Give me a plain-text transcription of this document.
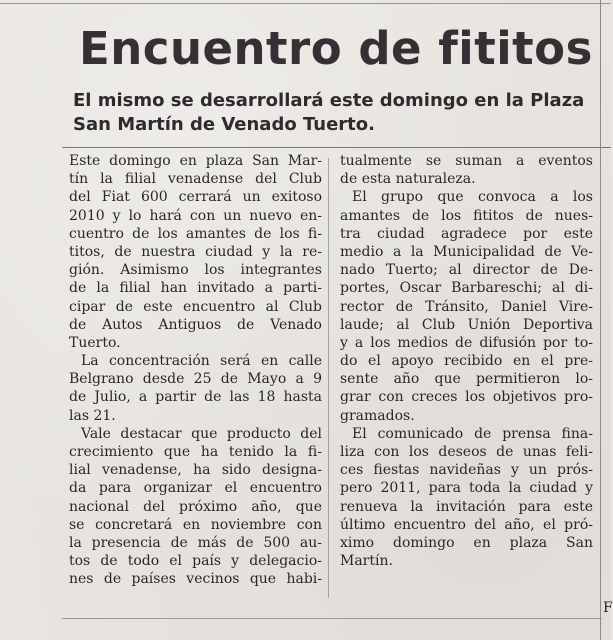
Encuentro de fititos
El mismo se desarrollará este domingo en la Plaza
San Martín de Venado Tuerto.
Este domingo en plaza San Mar-
tín la filial venadense del Club
del Fiat 600 cerrará un exitoso
2010 y lo hará con un nuevo en-
cuentro de los amantes de los fi-
titos, de nuestra ciudad y la re-
gión. Asimismo los integrantes
de la filial han invitado a parti-
cipar de este encuentro al Club
de Autos Antiguos de Venado
Tuerto.
La concentración será en calle
Belgrano desde 25 de Mayo a 9
de Julio, a partir de las 18 hasta
las 21.
Vale destacar que producto del
crecimiento que ha tenido la fi-
lial venadense, ha sido designa-
da para organizar el encuentro
nacional del próximo año, que
se concretará en noviembre con
la presencia de más de 500 au-
tos de todo el país y delegacio-
nes de países vecinos que habi-
tualmente se suman a eventos
de esta naturaleza.
El grupo que convoca a los
amantes de los fititos de nues-
tra ciudad agradece por este
medio a la Municipalidad de Ve-
nado Tuerto; al director de De-
portes, Oscar Barbareschi; al di-
rector de Tránsito, Daniel Vire-
laude; al Club Unión Deportiva
y a los medios de difusión por to-
do el apoyo recibido en el pre-
sente año que permitieron lo-
grar con creces los objetivos pro-
gramados.
El comunicado de prensa fina-
liza con los deseos de unas feli-
ces fiestas navideñas y un prós-
pero 2011, para toda la ciudad y
renueva la invitación para este
último encuentro del año, el pró-
ximo domingo en plaza San
Martín.
F
